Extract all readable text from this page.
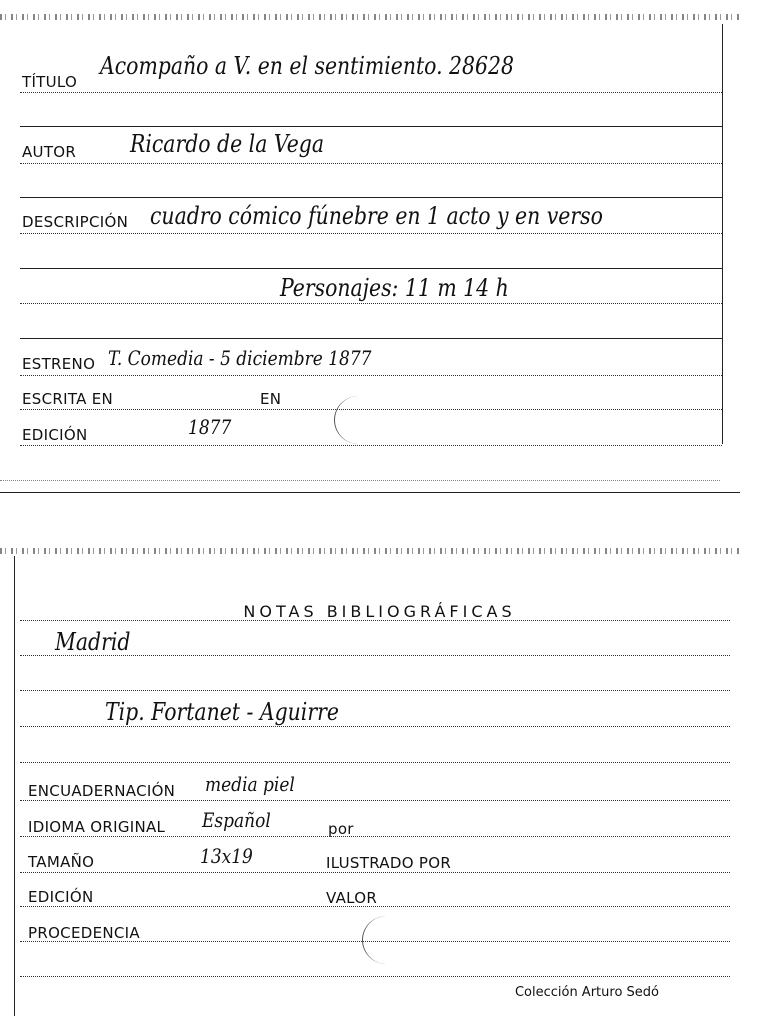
TÍTULO
Acompaño a V. en el sentimiento. 28628
AUTOR Ricardo de la Vega
DESCRIPCIÓN cuadro cómico fúnebre en 1 acto y en verso
Personajes: 11 m 14 h
ESTRENO T. Comedia - 5 diciembre 1877
ESCRITA EN	EN
EDICIÓN	1877
NOTAS BIBLIOGRÁFICAS
Madrid
Tip. Fortanet - Aguirre
ENCUADERNACIÓN media piel
IDIOMA ORIGINAL Español	por
TAMAÑO	13x19	ILUSTRADO POR
EDICIÓN	VALOR
PROCEDENCIA
Colección Arturo Sedó
